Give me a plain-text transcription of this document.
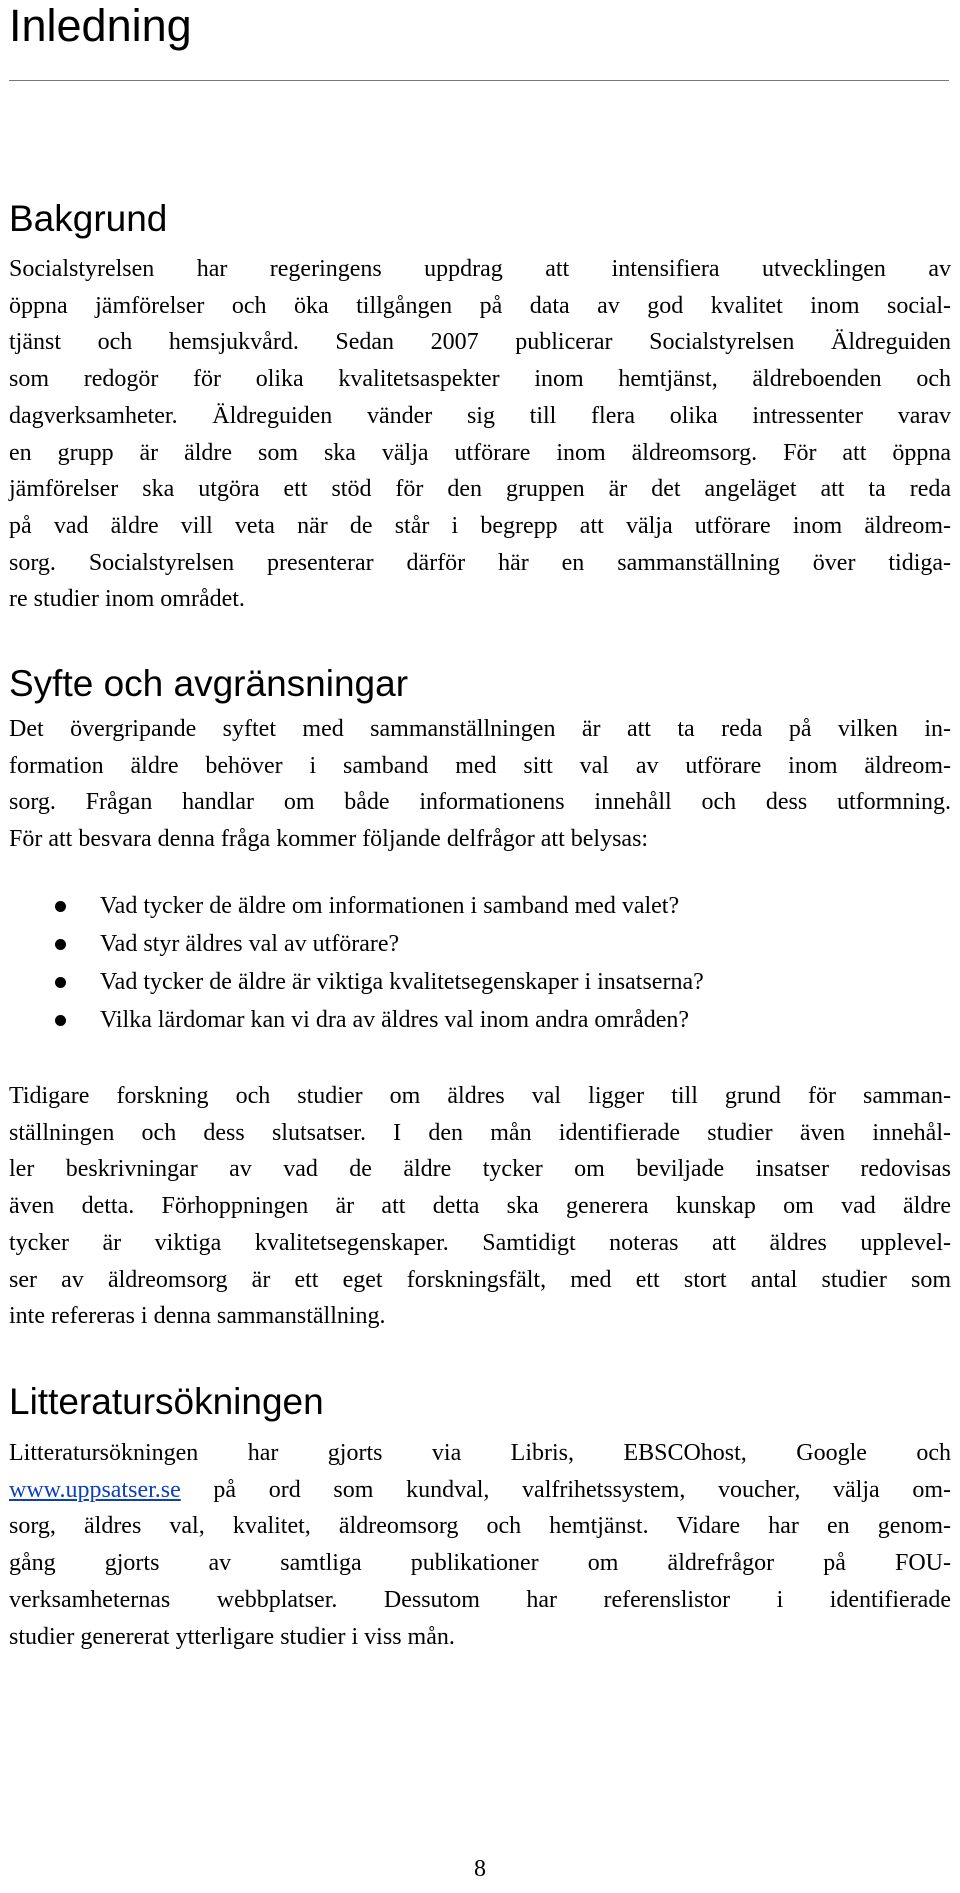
Inledning
Bakgrund

Socialstyrelsen har regeringens uppdrag att intensifiera utvecklingen av
öppna jämförelser och öka tillgången på data av god kvalitet inom social-
tjänst och hemsjukvård. Sedan 2007 publicerar Socialstyrelsen Äldreguiden
som redogör för olika kvalitetsaspekter inom hemtjänst, äldreboenden och
dagverksamheter. Äldreguiden vänder sig till flera olika intressenter varav
en grupp är äldre som ska välja utförare inom äldreomsorg. För att öppna
jämförelser ska utgöra ett stöd för den gruppen är det angeläget att ta reda
på vad äldre vill veta när de står i begrepp att välja utförare inom äldreom-
sorg. Socialstyrelsen presenterar därför här en sammanställning över tidiga-
re studier inom området.

Syfte och avgränsningar

Det övergripande syftet med sammanställningen är att ta reda på vilken in-
formation äldre behöver i samband med sitt val av utförare inom äldreom-
sorg. Frågan handlar om både informationens innehåll och dess utformning.
För att besvara denna fråga kommer följande delfrågor att belysas:

Vad tycker de äldre om informationen i samband med valet?
Vad styr äldres val av utförare?
Vad tycker de äldre är viktiga kvalitetsegenskaper i insatserna?
Vilka lärdomar kan vi dra av äldres val inom andra områden?

Tidigare forskning och studier om äldres val ligger till grund för samman-
ställningen och dess slutsatser. I den mån identifierade studier även innehål-
ler beskrivningar av vad de äldre tycker om beviljade insatser redovisas
även detta. Förhoppningen är att detta ska generera kunskap om vad äldre
tycker är viktiga kvalitetsegenskaper. Samtidigt noteras att äldres upplevel-
ser av äldreomsorg är ett eget forskningsfält, med ett stort antal studier som
inte refereras i denna sammanställning.

Litteratursökningen

Litteratursökningen har gjorts via Libris, EBSCOhost, Google och
www.uppsatser.se på ord som kundval, valfrihetssystem, voucher, välja om-
sorg, äldres val, kvalitet, äldreomsorg och hemtjänst. Vidare har en genom-
gång gjorts av samtliga publikationer om äldrefrågor på FOU-
verksamheternas webbplatser. Dessutom har referenslistor i identifierade
studier genererat ytterligare studier i viss mån.

8
